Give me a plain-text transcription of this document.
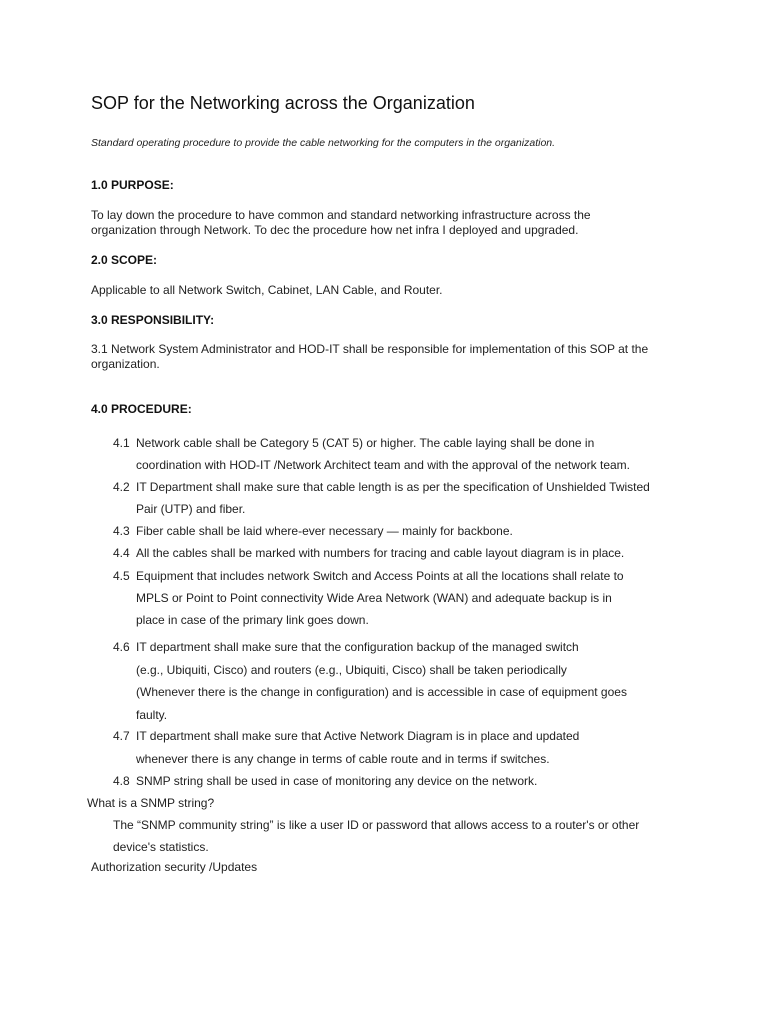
SOP for the Networking across the Organization
Standard operating procedure to provide the cable networking for the computers in the organization.
1.0 PURPOSE:
To lay down the procedure to have common and standard networking infrastructure across the
organization through Network. To dec the procedure how net infra I deployed and upgraded.
2.0 SCOPE:
Applicable to all Network Switch, Cabinet, LAN Cable, and Router.
3.0 RESPONSIBILITY:
3.1 Network System Administrator and HOD-IT shall be responsible for implementation of this SOP at the
organization.
4.0 PROCEDURE:
4.1 Network cable shall be Category 5 (CAT 5) or higher. The cable laying shall be done in
coordination with HOD-IT /Network Architect team and with the approval of the network team.
4.2 IT Department shall make sure that cable length is as per the specification of Unshielded Twisted
Pair (UTP) and fiber.
4.3 Fiber cable shall be laid where-ever necessary — mainly for backbone.
4.4 All the cables shall be marked with numbers for tracing and cable layout diagram is in place.
4.5 Equipment that includes network Switch and Access Points at all the locations shall relate to
MPLS or Point to Point connectivity Wide Area Network (WAN) and adequate backup is in
place in case of the primary link goes down.
4.6 IT department shall make sure that the configuration backup of the managed switch
(e.g., Ubiquiti, Cisco) and routers (e.g., Ubiquiti, Cisco) shall be taken periodically
(Whenever there is the change in configuration) and is accessible in case of equipment goes
faulty.
4.7 IT department shall make sure that Active Network Diagram is in place and updated
whenever there is any change in terms of cable route and in terms if switches.
4.8 SNMP string shall be used in case of monitoring any device on the network.
What is a SNMP string?
The “SNMP community string” is like a user ID or password that allows access to a router's or other
device's statistics.
Authorization security /Updates
